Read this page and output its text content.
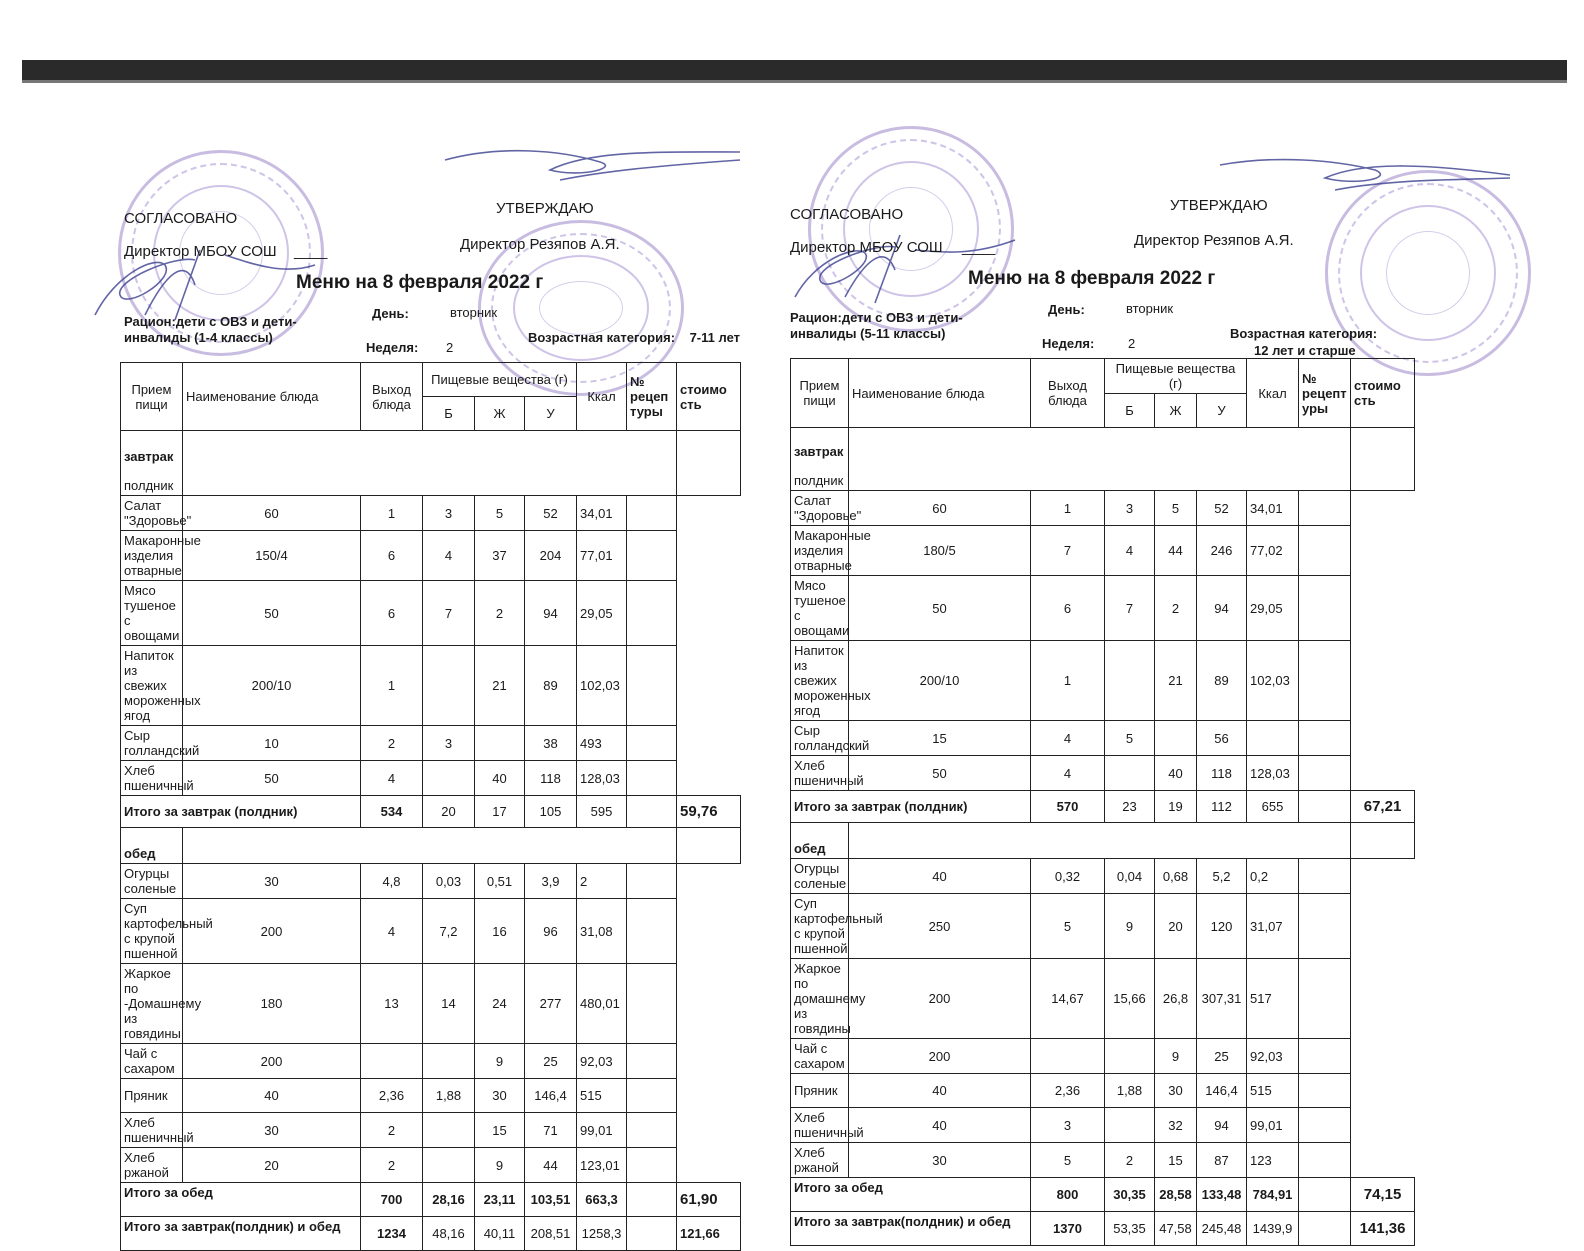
СОГЛАСОВАНО
Директор МБОУ СОШ ____
УТВЕРЖДАЮ
Директор Резяпов А.Я.
Меню на 8 февраля 2022 г
Рацион:дети с ОВЗ и дети-инвалиды (1-4 классы)
День:	вторник
Неделя: 2
Возрастная категория:	7-11 лет
Прием пищи	Наименование блюда	Выход блюда	Пищевые вещества (г)			Ккал	№ рецеп туры	стоимо сть
			Б	Ж	У			

завтрак
полдник								

Салат "Здоровье"	60	1	3	5	52	34,01		
Макаронные изделия отварные	150/4	6	4	37	204	77,01		
Мясо тушеное с овощами	50	6	7	2	94	29,05		
Напиток из свежих мороженных ягод	200/10	1		21	89	102,03		
Сыр голландский	10	2	3		38	493		
Хлеб пшеничный	50	4		40	118	128,03		
Итого за завтрак (полдник)		534	20	17	105	595		59,76

обед								

Огурцы соленые	30	4,8	0,03	0,51	3,9	2		
Суп картофельный с крупой пшенной	200	4	7,2	16	96	31,08		
Жаркое по -Домашнему из говядины	180	13	14	24	277	480,01		
Чай с сахаром	200			9	25	92,03		
Пряник	40	2,36	1,88	30	146,4	515		
Хлеб пшеничный	30	2		15	71	99,01		
Хлеб ржаной	20	2		9	44	123,01		
Итого за обед		700	28,16	23,11	103,51	663,3		61,90
Итого за завтрак(полдник) и обед		1234	48,16	40,11	208,51	1258,3		121,66
СОГЛАСОВАНО
Директор МБОУ СОШ ____
УТВЕРЖДАЮ
Директор Резяпов А.Я.
Меню на 8 февраля 2022 г
Рацион:дети с ОВЗ и дети-инвалиды (5-11 классы)
День:	вторник
Неделя:	2
Возрастная категория:
12 лет и старше
Прием пищи	Наименование блюда	Выход блюда	Пищевые вещества (г)			Ккал	№ рецепт уры	стоимо сть
			Б	Ж	У			

завтрак
полдник								

Салат "Здоровье"	60	1	3	5	52	34,01		
Макаронные изделия отварные	180/5	7	4	44	246	77,02		
Мясо тушеное с овощами	50	6	7	2	94	29,05		
Напиток из свежих мороженных ягод	200/10	1		21	89	102,03		
Сыр голландский	15	4	5		56			
Хлеб пшеничный	50	4		40	118	128,03		
Итого за завтрак (полдник)		570	23	19	112	655		67,21

обед								

Огурцы соленые	40	0,32	0,04	0,68	5,2	0,2		
Суп картофельный с крупой пшенной	250	5	9	20	120	31,07		
Жаркое по домашнему из говядины	200	14,67	15,66	26,8	307,31	517		
Чай с сахаром	200			9	25	92,03		
Пряник	40	2,36	1,88	30	146,4	515		
Хлеб пшеничный	40	3		32	94	99,01		
Хлеб ржаной	30	5	2	15	87	123		
Итого за обед		800	30,35	28,58	133,48	784,91		74,15
Итого за завтрак(полдник) и обед		1370	53,35	47,58	245,48	1439,9		141,36
